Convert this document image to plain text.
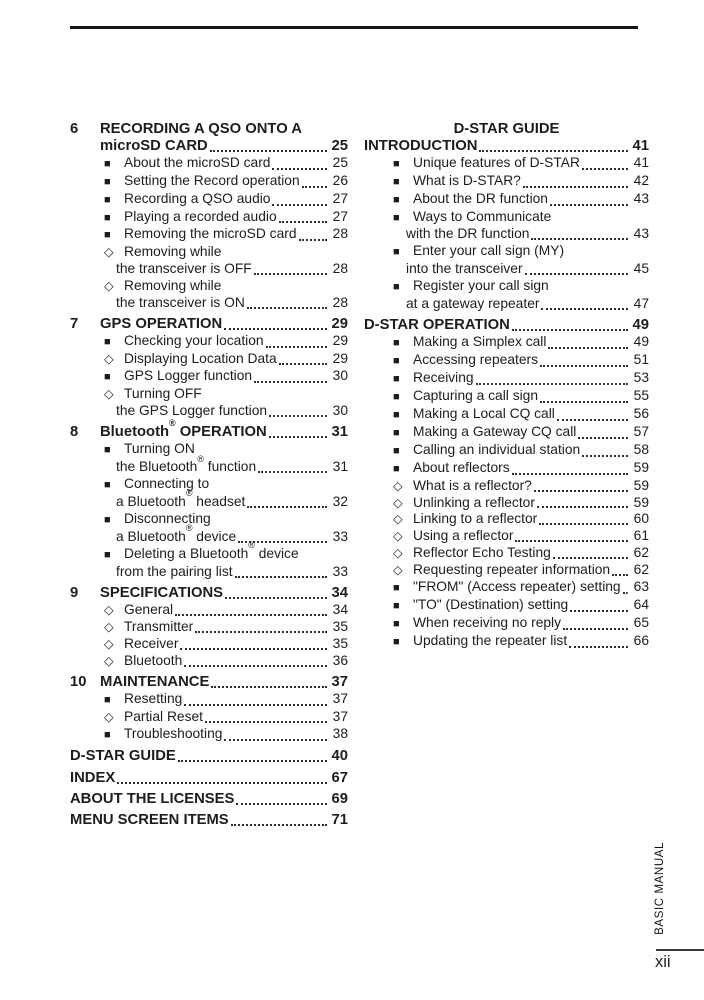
6	RECORDING A QSO ONTO A
microSD CARD	25
■ About the microSD card	25
■ Setting the Record operation 26
■ Recording a QSO audio	27
■ Playing a recorded audio	27
■ Removing the microSD card	28
◇ Removing while
the transceiver is OFF	28
◇ Removing while
the transceiver is ON	28
7	GPS OPERATION	29
■ Checking your location	29
◇ Displaying Location Data	29
■ GPS Logger function	30
◇ Turning OFF
the GPS Logger function	30
8	Bluetooth® OPERATION	31
■ Turning ON
the Bluetooth® function	31
■ Connecting to
a Bluetooth® headset	32
■ Disconnecting
a Bluetooth® device	33
■ Deleting a Bluetooth® device
from the pairing list	33
9	SPECIFICATIONS	34
◇ General	34
◇ Transmitter	35
◇ Receiver	35
◇ Bluetooth	36
10 MAINTENANCE	37
■ Resetting	37
◇ Partial Reset	37
■ Troubleshooting	38
D-STAR GUIDE	40
INDEX	67
ABOUT THE LICENSES	69
MENU SCREEN ITEMS	71
D-STAR GUIDE
INTRODUCTION	41
■ Unique features of D-STAR	41
■ What is D-STAR?	42
■ About the DR function	43
■ Ways to Communicate
with the DR function	43
■ Enter your call sign (MY)
into the transceiver	45
■ Register your call sign
at a gateway repeater	47
D-STAR OPERATION	49
■ Making a Simplex call	49
■ Accessing repeaters	51
■ Receiving	53
■ Capturing a call sign	55
■ Making a Local CQ call	56
■ Making a Gateway CQ call	57
■ Calling an individual station	58
■ About reflectors	59
◇ What is a reflector?	59
◇ Unlinking a reflector	59
◇ Linking to a reflector	60
◇ Using a reflector	61
◇ Reflector Echo Testing	62
◇ Requesting repeater information 62
■ "FROM" (Access repeater) setting 63
■ "TO" (Destination) setting	64
■ When receiving no reply	65
■ Updating the repeater list	66
BASIC MANUAL
xii
